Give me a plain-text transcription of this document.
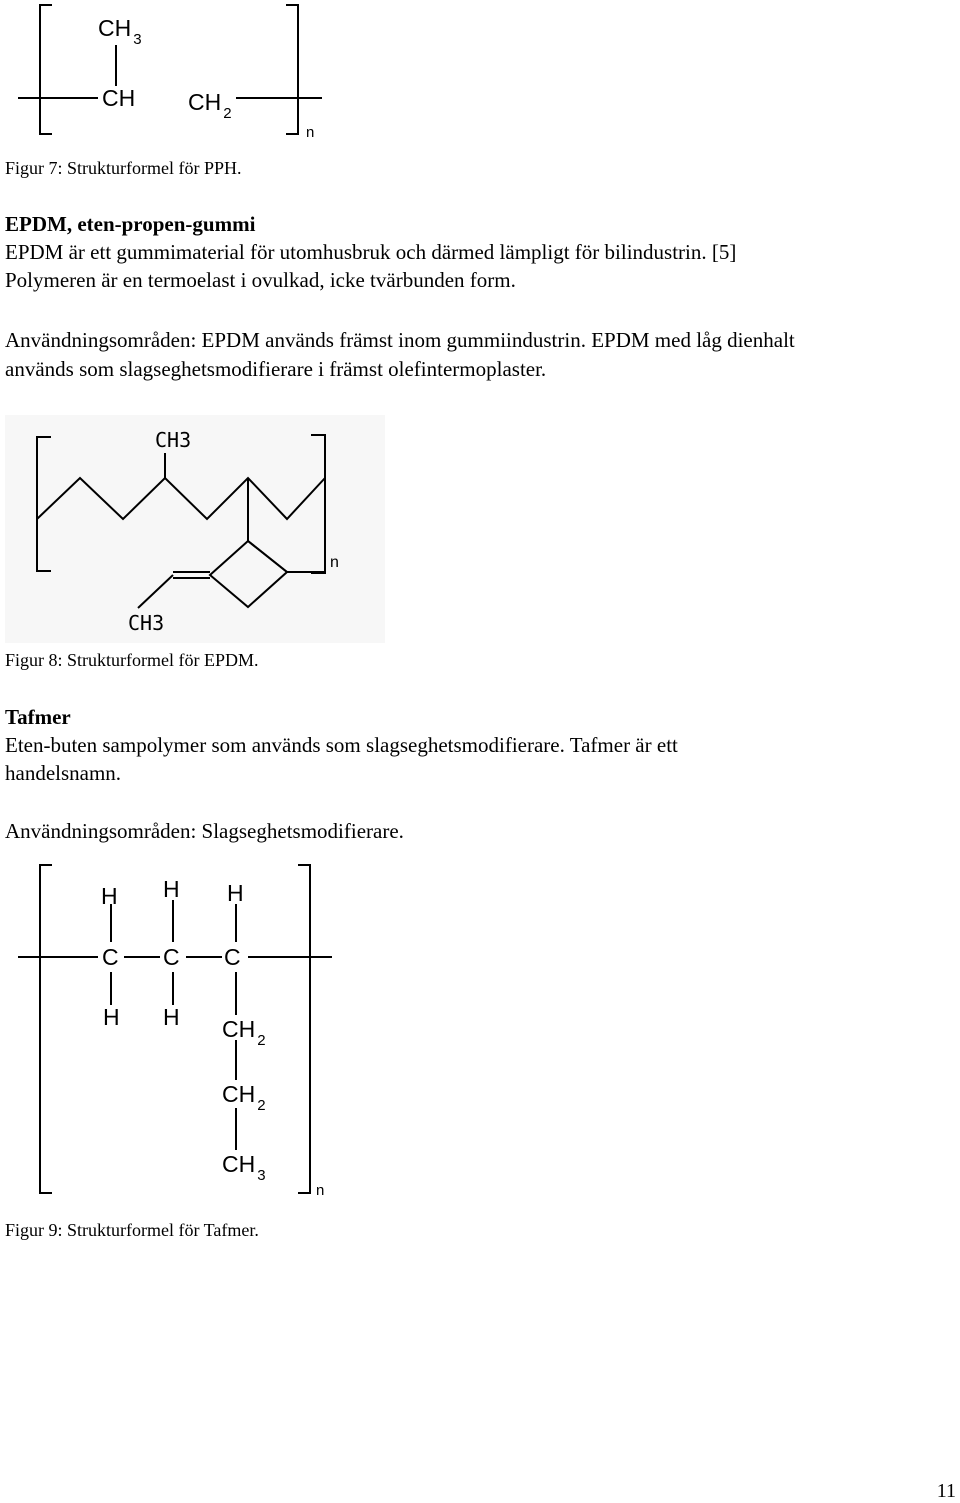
CH $_3$
CH CH $_2$
n
Figur 7: Strukturformel för PPH.
EPDM, eten-propen-gummi
EPDM är ett gummimaterial för utomhusbruk och därmed lämpligt för bilindustrin. [5]
Polymeren är en termoelast i ovulkad, icke tvärbunden form.
Användningsområden: EPDM används främst inom gummiindustrin. EPDM med låg dienhalt
används som slagseghetsmodifierare i främst olefintermoplaster.
CH3
CH3
n
Figur 8: Strukturformel för EPDM.
Tafmer
Eten-buten sampolymer som används som slagseghetsmodifierare. Tafmer är ett
handelsnamn.
Användningsområden: Slagseghetsmodifierare.
H H H
C C C
H H CH $_2$
CH $_2$
CH $_3$
n
Figur 9: Strukturformel för Tafmer.
11
